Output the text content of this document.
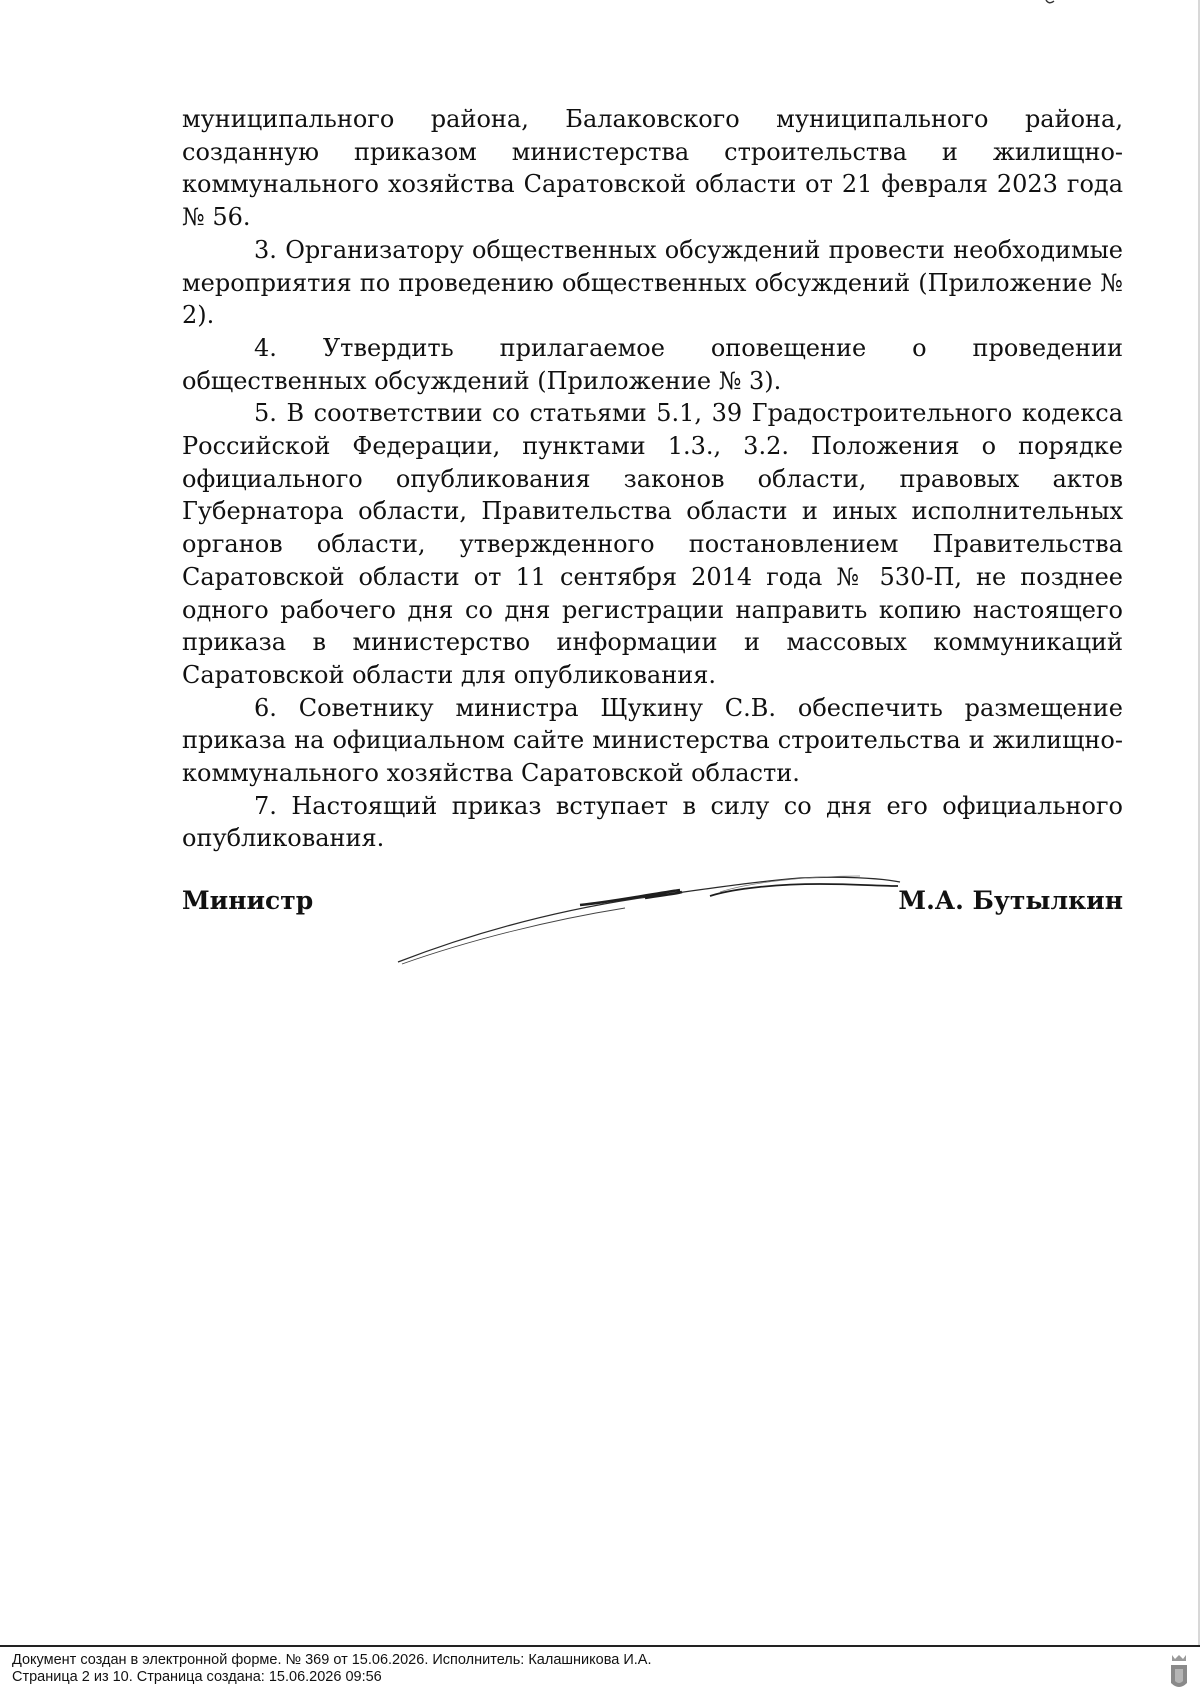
муниципального района, Балаковского муниципального района, созданную приказом министерства строительства и жилищно-коммунального хозяйства Саратовской области от 21 февраля 2023 года № 56.

3. Организатору общественных обсуждений провести необходимые мероприятия по проведению общественных обсуждений (Приложение № 2).

4. Утвердить прилагаемое оповещение о проведении общественных обсуждений (Приложение № 3).

5. В соответствии со статьями 5.1, 39 Градостроительного кодекса Российской Федерации, пунктами 1.3., 3.2. Положения о порядке официального опубликования законов области, правовых актов Губернатора области, Правительства области и иных исполнительных органов области, утвержденного постановлением Правительства Саратовской области от 11 сентября 2014 года № 530-П, не позднее одного рабочего дня со дня регистрации направить копию настоящего приказа в министерство информации и массовых коммуникаций Саратовской области для опубликования.

6. Советнику министра Щукину С.В. обеспечить размещение приказа на официальном сайте министерства строительства и жилищно-коммунального хозяйства Саратовской области.

7. Настоящий приказ вступает в силу со дня его официального опубликования.

Министр	М.А. Бутылкин
Документ создан в электронной форме. № 369 от 15.06.2026. Исполнитель: Калашникова И.А.
Страница 2 из 10. Страница создана: 15.06.2026 09:56
